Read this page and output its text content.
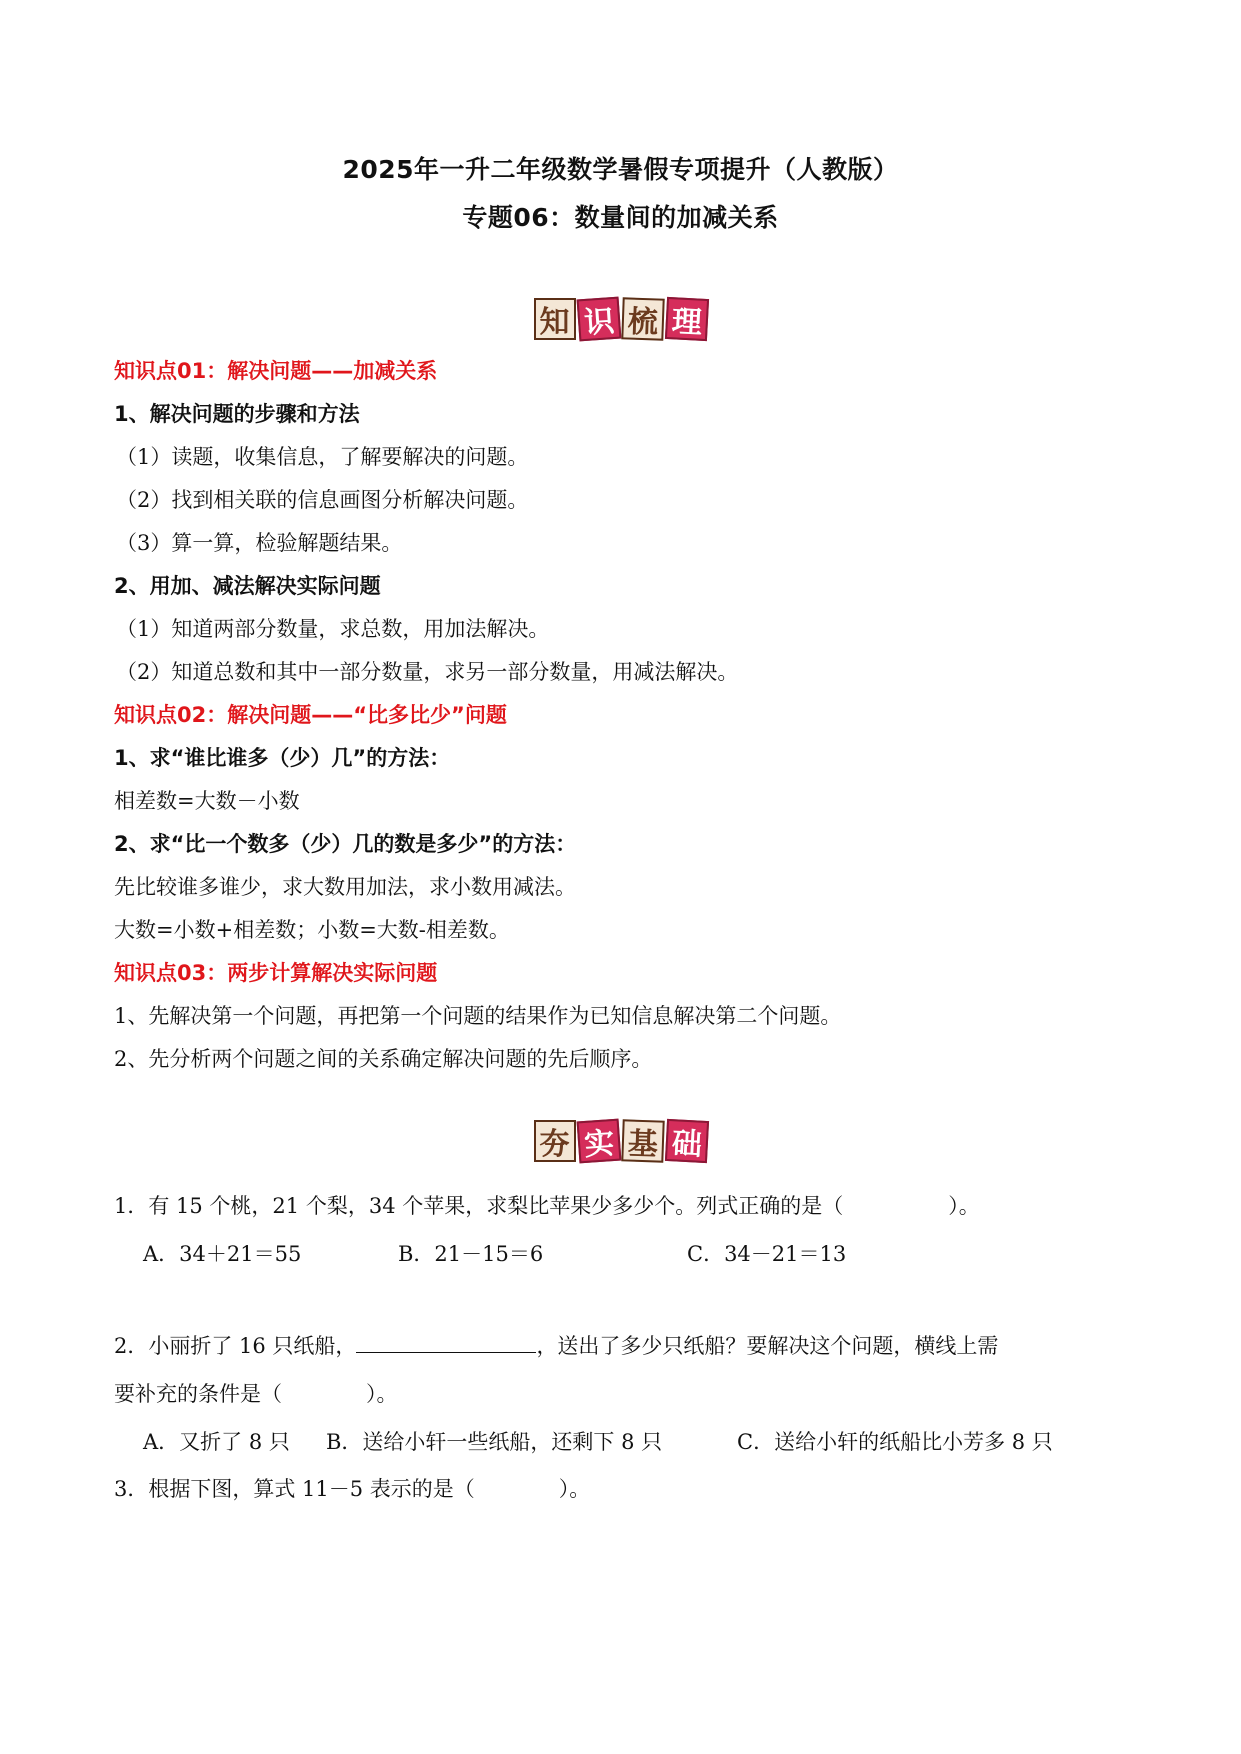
2025年一升二年级数学暑假专项提升（人教版）
专题06：数量间的加减关系
知 识 梳 理
知识点01：解决问题——加减关系
1、解决问题的步骤和方法
（1）读题，收集信息，了解要解决的问题。
（2）找到相关联的信息画图分析解决问题。
（3）算一算，检验解题结果。
2、用加、减法解决实际问题
（1）知道两部分数量，求总数，用加法解决。
（2）知道总数和其中一部分数量，求另一部分数量，用减法解决。
知识点02：解决问题——“比多比少”问题
1、求“谁比谁多（少）几”的方法：
相差数=大数－小数
2、求“比一个数多（少）几的数是多少”的方法：
先比较谁多谁少，求大数用加法，求小数用减法。
大数=小数+相差数；小数=大数-相差数。
知识点03：两步计算解决实际问题
1、先解决第一个问题，再把第一个问题的结果作为已知信息解决第二个问题。
2、先分析两个问题之间的关系确定解决问题的先后顺序。
夯 实 基 础
1．有 15 个桃，21 个梨，34 个苹果，求梨比苹果少多少个。列式正确的是（　　　　　）。
A．34＋21＝55	B．21－15＝6	C．34－21＝13
2．小丽折了 16 只纸船，	，送出了多少只纸船？要解决这个问题，横线上需
要补充的条件是（　　　　）。
A．又折了 8 只 B．送给小轩一些纸船，还剩下 8 只	C．送给小轩的纸船比小芳多 8 只
3．根据下图，算式 11－5 表示的是（　　　　）。
